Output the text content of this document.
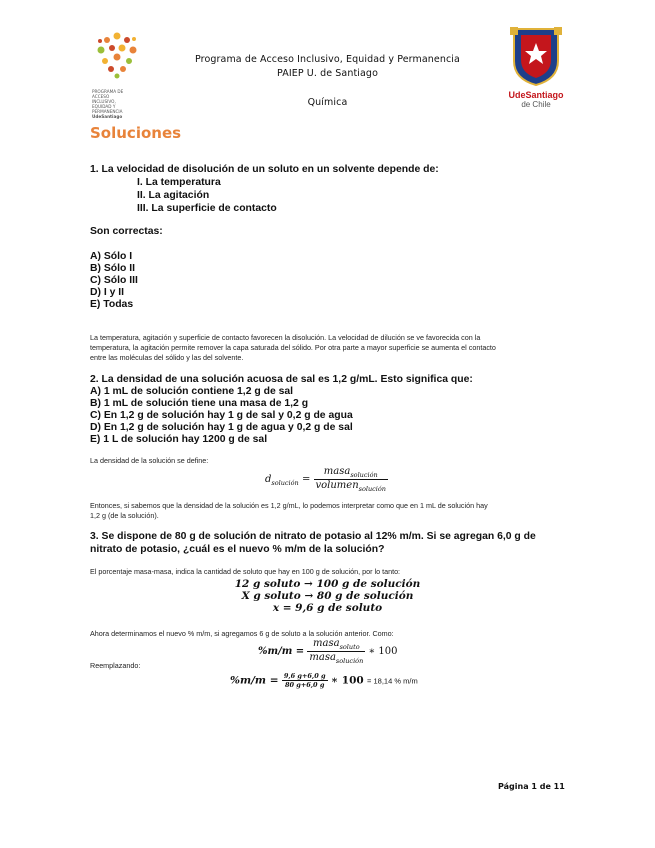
PROGRAMA DE
ACCESO
INCLUSIVO,
EQUIDAD Y
PERMANENCIA
UdeSantiago
Programa de Acceso Inclusivo, Equidad y Permanencia
PAIEP U. de Santiago
Química
UdeSantiago
de Chile
Soluciones
1. La velocidad de disolución de un soluto en un solvente depende de:
I. La temperatura
II. La agitación
III. La superficie de contacto
Son correctas:
A) Sólo I
B) Sólo II
C) Sólo III
D) I y II
E) Todas
La temperatura, agitación y superficie de contacto favorecen la disolución. La velocidad de dilución se ve favorecida con la
temperatura, la agitación permite remover la capa saturada del sólido. Por otra parte a mayor superficie se aumenta el contacto
entre las moléculas del sólido y las del solvente.
2. La densidad de una solución acuosa de sal es 1,2 g/mL. Esto significa que:
A) 1 mL de solución contiene 1,2 g de sal
B) 1 mL de solución tiene una masa de 1,2 g
C) En 1,2 g de solución hay 1 g de sal y 0,2 g de agua
D) En 1,2 g de solución hay 1 g de agua y 0,2 g de sal
E) 1 L de solución hay 1200 g de sal
La densidad de la solución se define:
$d_{solución} = \frac{masa_{solución}}{volumen_{solución}}$
Entonces, si sabemos que la densidad de la solución es 1,2 g/mL, lo podemos interpretar como que en 1 mL de solución hay
1,2 g (de la solución).
3. Se dispone de 80 g de solución de nitrato de potasio al 12% m/m. Si se agregan 6,0 g de
nitrato de potasio, ¿cuál es el nuevo % m/m de la solución?
El porcentaje masa-masa, indica la cantidad de soluto que hay en 100 g de solución, por lo tanto:
12 g soluto → 100 g de solución
X g soluto → 80 g de solución
x = 9,6 g de soluto
Ahora determinamos el nuevo % m/m, si agregamos 6 g de soluto a la solución anterior. Como:
$\%m/m = \frac{masa_{soluto}}{masa_{solución}}$ ∗ 100
Reemplazando:
$\%m/m = \frac{9,6 g+6,0 g}{80 g+6,0 g}$ ∗ 100 = 18,14 % m/m
Página 1 de 11
